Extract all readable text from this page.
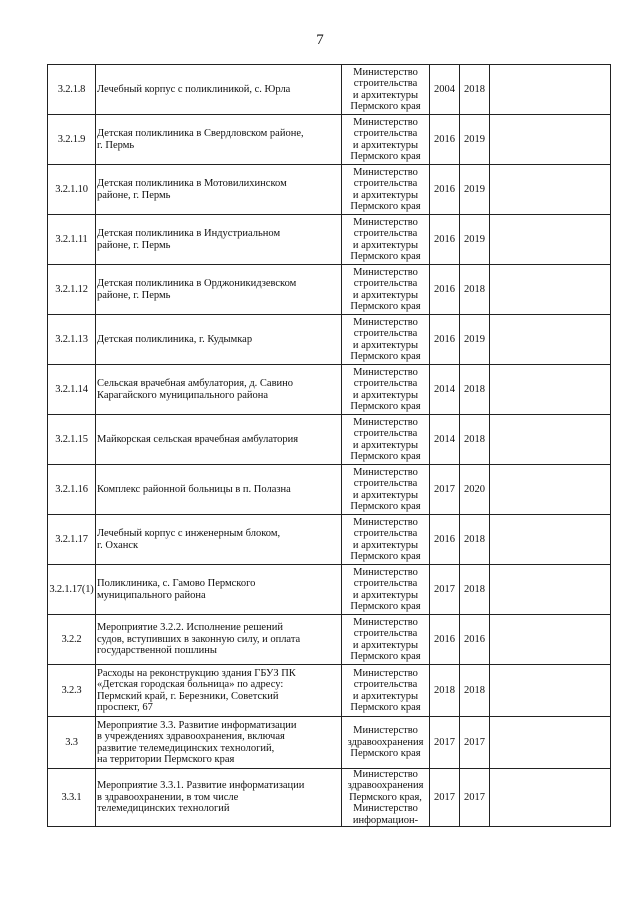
7
3.2.1.8	Лечебный корпус с поликлиникой, с. Юрла	Министерство
строительства
и архитектуры
Пермского края	2004	2018	
3.2.1.9	Детская поликлиника в Свердловском районе,
г. Пермь	Министерство
строительства
и архитектуры
Пермского края	2016	2019	
3.2.1.10	Детская поликлиника в Мотовилихинском
районе, г. Пермь	Министерство
строительства
и архитектуры
Пермского края	2016	2019	
3.2.1.11	Детская поликлиника в Индустриальном
районе, г. Пермь	Министерство
строительства
и архитектуры
Пермского края	2016	2019	
3.2.1.12	Детская поликлиника в Орджоникидзевском
районе, г. Пермь	Министерство
строительства
и архитектуры
Пермского края	2016	2018	
3.2.1.13	Детская поликлиника, г. Кудымкар	Министерство
строительства
и архитектуры
Пермского края	2016	2019	
3.2.1.14	Сельская врачебная амбулатория, д. Савино
Карагайского муниципального района	Министерство
строительства
и архитектуры
Пермского края	2014	2018	
3.2.1.15	Майкорская сельская врачебная амбулатория	Министерство
строительства
и архитектуры
Пермского края	2014	2018	
3.2.1.16	Комплекс районной больницы в п. Полазна	Министерство
строительства
и архитектуры
Пермского края	2017	2020	
3.2.1.17	Лечебный корпус с инженерным блоком,
г. Оханск	Министерство
строительства
и архитектуры
Пермского края	2016	2018	
3.2.1.17(1)	Поликлиника, с. Гамово Пермского
муниципального района	Министерство
строительства
и архитектуры
Пермского края	2017	2018	
3.2.2	Мероприятие 3.2.2. Исполнение решений
судов, вступивших в законную силу, и оплата
государственной пошлины	Министерство
строительства
и архитектуры
Пермского края	2016	2016	
3.2.3	Расходы на реконструкцию здания ГБУЗ ПК
«Детская городская больница» по адресу:
Пермский край, г. Березники, Советский
проспект, 67	Министерство
строительства
и архитектуры
Пермского края	2018	2018	
3.3	Мероприятие 3.3. Развитие информатизации
в учреждениях здравоохранения, включая
развитие телемедицинских технологий,
на территории Пермского края	Министерство
здравоохранения
Пермского края	2017	2017	
3.3.1	Мероприятие 3.3.1. Развитие информатизации
в здравоохранении, в том числе
телемедицинских технологий	Министерство
здравоохранения
Пермского края,
Министерство
информацион-	2017	2017	
